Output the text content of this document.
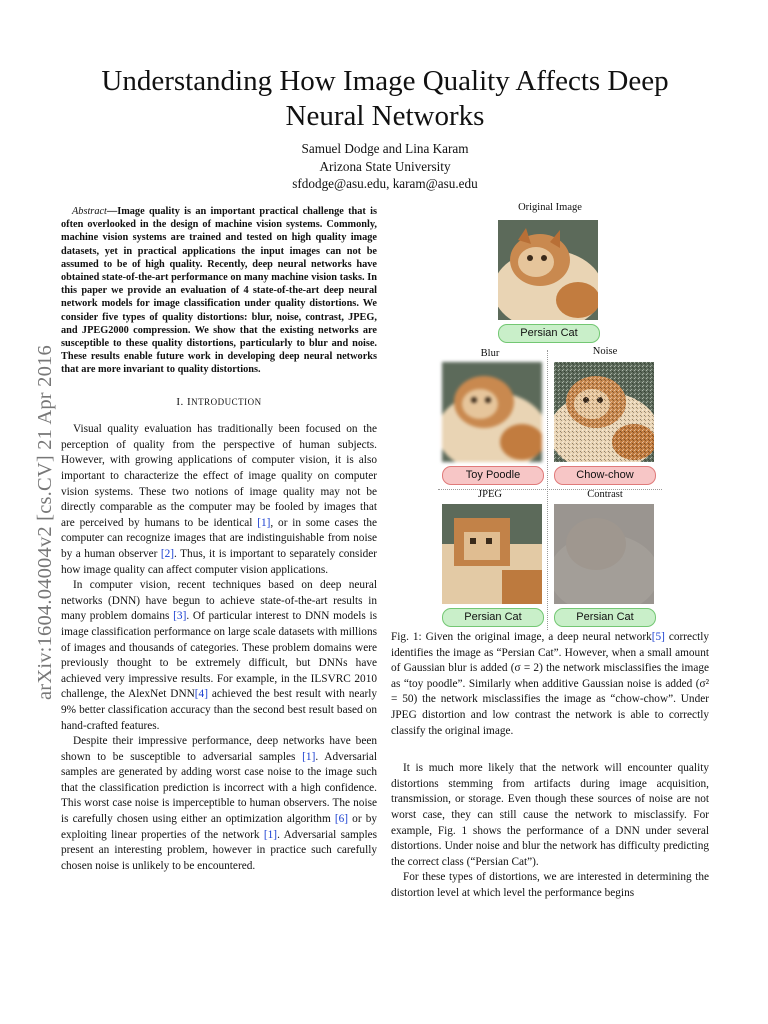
arXiv:1604.04004v2 [cs.CV] 21 Apr 2016
Understanding How Image Quality Affects Deep Neural Networks
Samuel Dodge and Lina Karam
Arizona State University
sfdodge@asu.edu, karam@asu.edu

Abstract—Image quality is an important practical challenge that is often overlooked in the design of machine vision systems. Commonly, machine vision systems are trained and tested on high quality image datasets, yet in practical applications the input images can not be assumed to be of high quality. Recently, deep neural networks have obtained state-of-the-art performance on many machine vision tasks. In this paper we provide an evaluation of 4 state-of-the-art deep neural network models for image classification under quality distortions. We consider five types of quality distortions: blur, noise, contrast, JPEG, and JPEG2000 compression. We show that the existing networks are susceptible to these quality distortions, particularly to blur and noise. These results enable future work in developing deep neural networks that are more invariant to quality distortions.

I. INTRODUCTION

Visual quality evaluation has traditionally been focused on the perception of quality from the perspective of human subjects. However, with growing applications of computer vision, it is also important to characterize the effect of image quality on computer vision systems. These two notions of image quality may not be directly comparable as the computer may be fooled by images that are perceived by humans to be identical [1], or in some cases the computer can recognize images that are indistinguishable from noise by a human observer [2]. Thus, it is important to separately consider how image quality can affect computer vision applications.

In computer vision, recent techniques based on deep neural networks (DNN) have begun to achieve state-of-the-art results in many problem domains [3]. Of particular interest to DNN models is image classification performance on large scale datasets with millions of images and thousands of categories. These problem domains were previously thought to be extremely difficult, but DNNs have achieved very impressive results. For example, in the ILSVRC 2010 challenge, the AlexNet DNN[4] achieved the best result with nearly 9% better classification accuracy than the second best result based on hand-crafted features.

Despite their impressive performance, deep networks have been shown to be susceptible to adversarial samples [1]. Adversarial samples are generated by adding worst case noise to the image such that the classification prediction is incorrect with a high confidence. This worst case noise is imperceptible to human observers. The noise is carefully chosen using either an optimization algorithm [6] or by exploiting linear properties of the network [1]. Adversarial samples present an interesting problem, however in practice such carefully chosen noise is unlikely to be encountered.

Original Image
Persian Cat
Blur	Noise
Toy Poodle	Chow-chow
JPEG	Contrast
Persian Cat	Persian Cat

Fig. 1: Given the original image, a deep neural network[5] correctly identifies the image as “Persian Cat”. However, when a small amount of Gaussian blur is added (σ = 2) the network misclassifies the image as “toy poodle”. Similarly when additive Gaussian noise is added (σ² = 50) the network misclassifies the image as “chow-chow”. Under JPEG distortion and low contrast the network is able to correctly classify the original image.

It is much more likely that the network will encounter quality distortions stemming from artifacts during image acquisition, transmission, or storage. Even though these sources of noise are not worst case, they can still cause the network to misclassify. For example, Fig. 1 shows the performance of a DNN under several distortions. Under noise and blur the network has difficulty predicting the correct class (“Persian Cat”).

For these types of distortions, we are interested in determining the distortion level at which level the performance begins
